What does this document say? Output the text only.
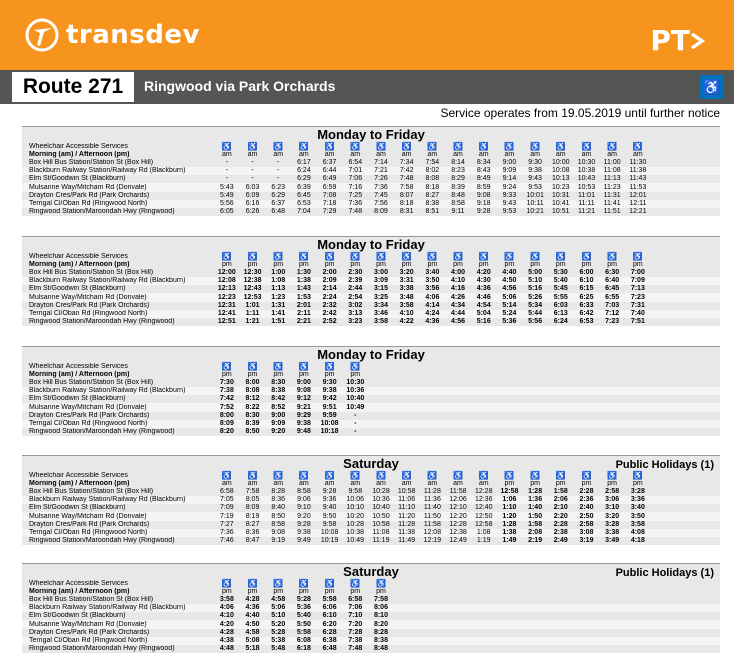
transdev	PT
Route 271	Ringwood via Park Orchards	♿
Service operates from 19.05.2019 until further notice
Monday to Friday
Wheelchair Accessible Services	♿	♿	♿	♿	♿	♿	♿	♿	♿	♿	♿	♿	♿	♿	♿	♿	♿
Morning (am) / Afternoon (pm)	am	am	am	am	am	am	am	am	am	am	am	am	am	am	am	am	am
Box Hill Bus Station/Station St (Box Hill)	-	-	-	6:17	6:37	6:54	7:14	7:34	7:54	8:14	8:34	9:00	9:30	10:00	10:30	11:00	11:30
Blackburn Railway Station/Railway Rd (Blackburn)	-	-	-	6:24	6:44	7:01	7:21	7:42	8:02	8:23	8:43	9:09	9:38	10:08	10:38	11:08	11:38
Elm St/Goodwin St (Blackburn)	-	-	-	6:29	6:49	7:06	7:26	7:48	8:08	8:29	8:49	9:14	9:43	10:13	10:43	11:13	11:43
Mulsanne Way/Mitcham Rd (Donvale)	5:43	6:03	6:23	6:39	6:59	7:16	7:36	7:58	8:18	8:39	8:59	9:24	9:53	10:23	10:53	11:23	11:53
Drayton Cres/Park Rd (Park Orchards)	5:49	6:09	6:29	6:45	7:08	7:25	7:45	8:07	8:27	8:48	9:08	9:33	10:01	10:31	11:01	11:31	12:01
Terrigal Cl/Oban Rd (Ringwood North)	5:56	6:16	6:37	6:53	7:18	7:36	7:56	8:18	8:38	8:58	9:18	9:43	10:11	10:41	11:11	11:41	12:11
Ringwood Station/Maroondah Hwy (Ringwood)	6:05	6:26	6:48	7:04	7:29	7:48	8:09	8:31	8:51	9:11	9:28	9:53	10:21	10:51	11:21	11:51	12:21
Monday to Friday
Wheelchair Accessible Services	♿	♿	♿	♿	♿	♿	♿	♿	♿	♿	♿	♿	♿	♿	♿	♿	♿
Morning (am) / Afternoon (pm)	pm	pm	pm	pm	pm	pm	pm	pm	pm	pm	pm	pm	pm	pm	pm	pm	pm
Box Hill Bus Station/Station St (Box Hill)	12:00	12:30	1:00	1:30	2:00	2:30	3:00	3:20	3:40	4:00	4:20	4:40	5:00	5:30	6:00	6:30	7:00
Blackburn Railway Station/Railway Rd (Blackburn)	12:08	12:38	1:08	1:38	2:09	2:39	3:09	3:31	3:50	4:10	4:30	4:50	5:10	5:40	6:10	6:40	7:09
Elm St/Goodwin St (Blackburn)	12:13	12:43	1:13	1:43	2:14	2:44	3:15	3:38	3:56	4:16	4:36	4:56	5:16	5:45	6:15	6:45	7:13
Mulsanne Way/Mitcham Rd (Donvale)	12:23	12:53	1:23	1:53	2:24	2:54	3:25	3:48	4:06	4:26	4:46	5:06	5:26	5:55	6:25	6:55	7:23
Drayton Cres/Park Rd (Park Orchards)	12:31	1:01	1:31	2:01	2:32	3:02	3:34	3:58	4:14	4:34	4:54	5:14	5:34	6:03	6:33	7:03	7:31
Terrigal Cl/Oban Rd (Ringwood North)	12:41	1:11	1:41	2:11	2:42	3:13	3:46	4:10	4:24	4:44	5:04	5:24	5:44	6:13	6:42	7:12	7:40
Ringwood Station/Maroondah Hwy (Ringwood)	12:51	1:21	1:51	2:21	2:52	3:23	3:58	4:22	4:36	4:56	5:16	5:36	5:56	6:24	6:53	7:23	7:51
Monday to Friday
Wheelchair Accessible Services	♿	♿	♿	♿	♿	♿
Morning (am) / Afternoon (pm)	pm	pm	pm	pm	pm	pm
Box Hill Bus Station/Station St (Box Hill)	7:30	8:00	8:30	9:00	9:30	10:30
Blackburn Railway Station/Railway Rd (Blackburn)	7:38	8:08	8:38	9:08	9:38	10:36
Elm St/Goodwin St (Blackburn)	7:42	8:12	8:42	9:12	9:42	10:40
Mulsanne Way/Mitcham Rd (Donvale)	7:52	8:22	8:52	9:21	9:51	10:49
Drayton Cres/Park Rd (Park Orchards)	8:00	8:30	9:00	9:29	9:59	-
Terrigal Cl/Oban Rd (Ringwood North)	8:09	8:39	9:09	9:38	10:08	-
Ringwood Station/Maroondah Hwy (Ringwood)	8:20	8:50	9:20	9:48	10:18	-
Saturday	Public Holidays (1)
Wheelchair Accessible Services	♿	♿	♿	♿	♿	♿	♿	♿	♿	♿	♿	♿	♿	♿	♿	♿	♿
Morning (am) / Afternoon (pm)	am	am	am	am	am	am	am	am	am	am	am	pm	pm	pm	pm	pm	pm
Box Hill Bus Station/Station St (Box Hill)	6:58	7:58	8:28	8:58	9:28	9:58	10:28	10:58	11:28	11:58	12:28	12:58	1:28	1:58	2:28	2:58	3:28
Blackburn Railway Station/Railway Rd (Blackburn)	7:05	8:05	8:36	9:06	9:36	10:06	10:36	11:06	11:36	12:06	12:36	1:06	1:36	2:06	2:36	3:06	3:36
Elm St/Goodwin St (Blackburn)	7:09	8:09	8:40	9:10	9:40	10:10	10:40	11:10	11:40	12:10	12:40	1:10	1:40	2:10	2:40	3:10	3:40
Mulsanne Way/Mitcham Rd (Donvale)	7:19	8:19	8:50	9:20	9:50	10:20	10:50	11:20	11:50	12:20	12:50	1:20	1:50	2:20	2:50	3:20	3:50
Drayton Cres/Park Rd (Park Orchards)	7:27	8:27	8:58	9:28	9:58	10:28	10:58	11:28	11:58	12:28	12:58	1:28	1:58	2:28	2:58	3:28	3:58
Terrigal Cl/Oban Rd (Ringwood North)	7:36	8:36	9:08	9:38	10:08	10:38	11:08	11:38	12:08	12:38	1:08	1:38	2:08	2:38	3:08	3:38	4:08
Ringwood Station/Maroondah Hwy (Ringwood)	7:46	8:47	9:19	9:49	10:19	10:49	11:19	11:49	12:19	12:49	1:19	1:49	2:19	2:49	3:19	3:49	4:18
Saturday	Public Holidays (1)
Wheelchair Accessible Services	♿	♿	♿	♿	♿	♿	♿
Morning (am) / Afternoon (pm)	pm	pm	pm	pm	pm	pm	pm
Box Hill Bus Station/Station St (Box Hill)	3:58	4:28	4:58	5:28	5:58	6:58	7:58
Blackburn Railway Station/Railway Rd (Blackburn)	4:06	4:36	5:06	5:36	6:06	7:06	8:06
Elm St/Goodwin St (Blackburn)	4:10	4:40	5:10	5:40	6:10	7:10	8:10
Mulsanne Way/Mitcham Rd (Donvale)	4:20	4:50	5:20	5:50	6:20	7:20	8:20
Drayton Cres/Park Rd (Park Orchards)	4:28	4:58	5:28	5:58	6:28	7:28	8:28
Terrigal Cl/Oban Rd (Ringwood North)	4:38	5:08	5:38	6:08	6:38	7:38	8:38
Ringwood Station/Maroondah Hwy (Ringwood)	4:48	5:18	5:48	6:18	6:48	7:48	8:48
